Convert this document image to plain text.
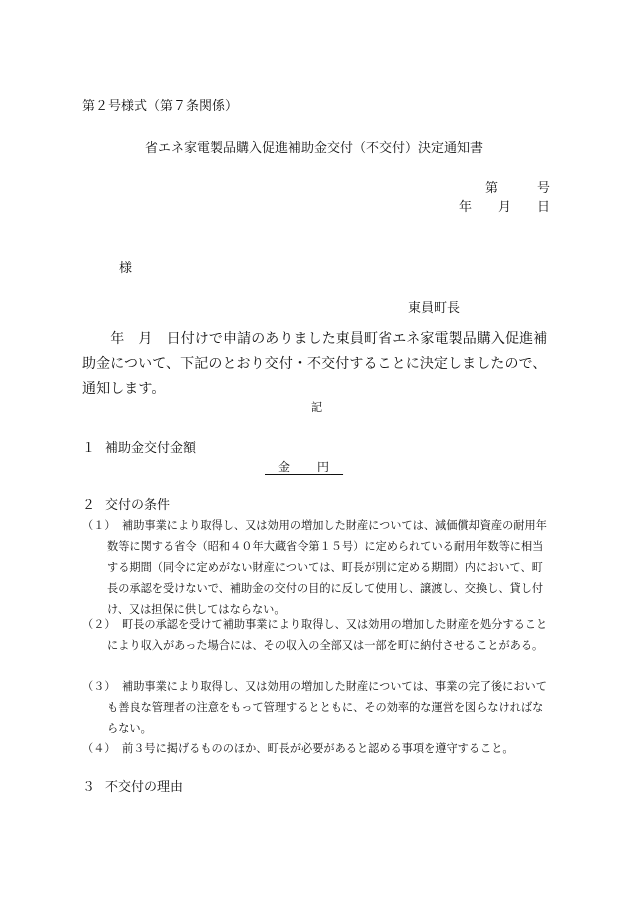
第２号様式（第７条関係）
省エネ家電製品購入促進補助金交付（不交付）決定通知書
第　　　号
年　　月　　日
様
東員町長
　　年　月　日付けで申請のありました東員町省エネ家電製品購入促進補助金について、下記のとおり交付・不交付することに決定しましたので、通知します。
記
１ 補助金交付金額
　金　　円　
２ 交付の条件
（１） 補助事業により取得し、又は効用の増加した財産については、減価償却資産の耐用年数等に関する省令（昭和４０年大蔵省令第１５号）に定められている耐用年数等に相当する期間（同令に定めがない財産については、町長が別に定める期間）内において、町長の承認を受けないで、補助金の交付の目的に反して使用し、譲渡し、交換し、貸し付け、又は担保に供してはならない。
（２） 町長の承認を受けて補助事業により取得し、又は効用の増加した財産を処分することにより収入があった場合には、その収入の全部又は一部を町に納付させることがある。
（３） 補助事業により取得し、又は効用の増加した財産については、事業の完了後においても善良な管理者の注意をもって管理するとともに、その効率的な運営を図らなければならない。
（４） 前３号に掲げるもののほか、町長が必要があると認める事項を遵守すること。
３ 不交付の理由
